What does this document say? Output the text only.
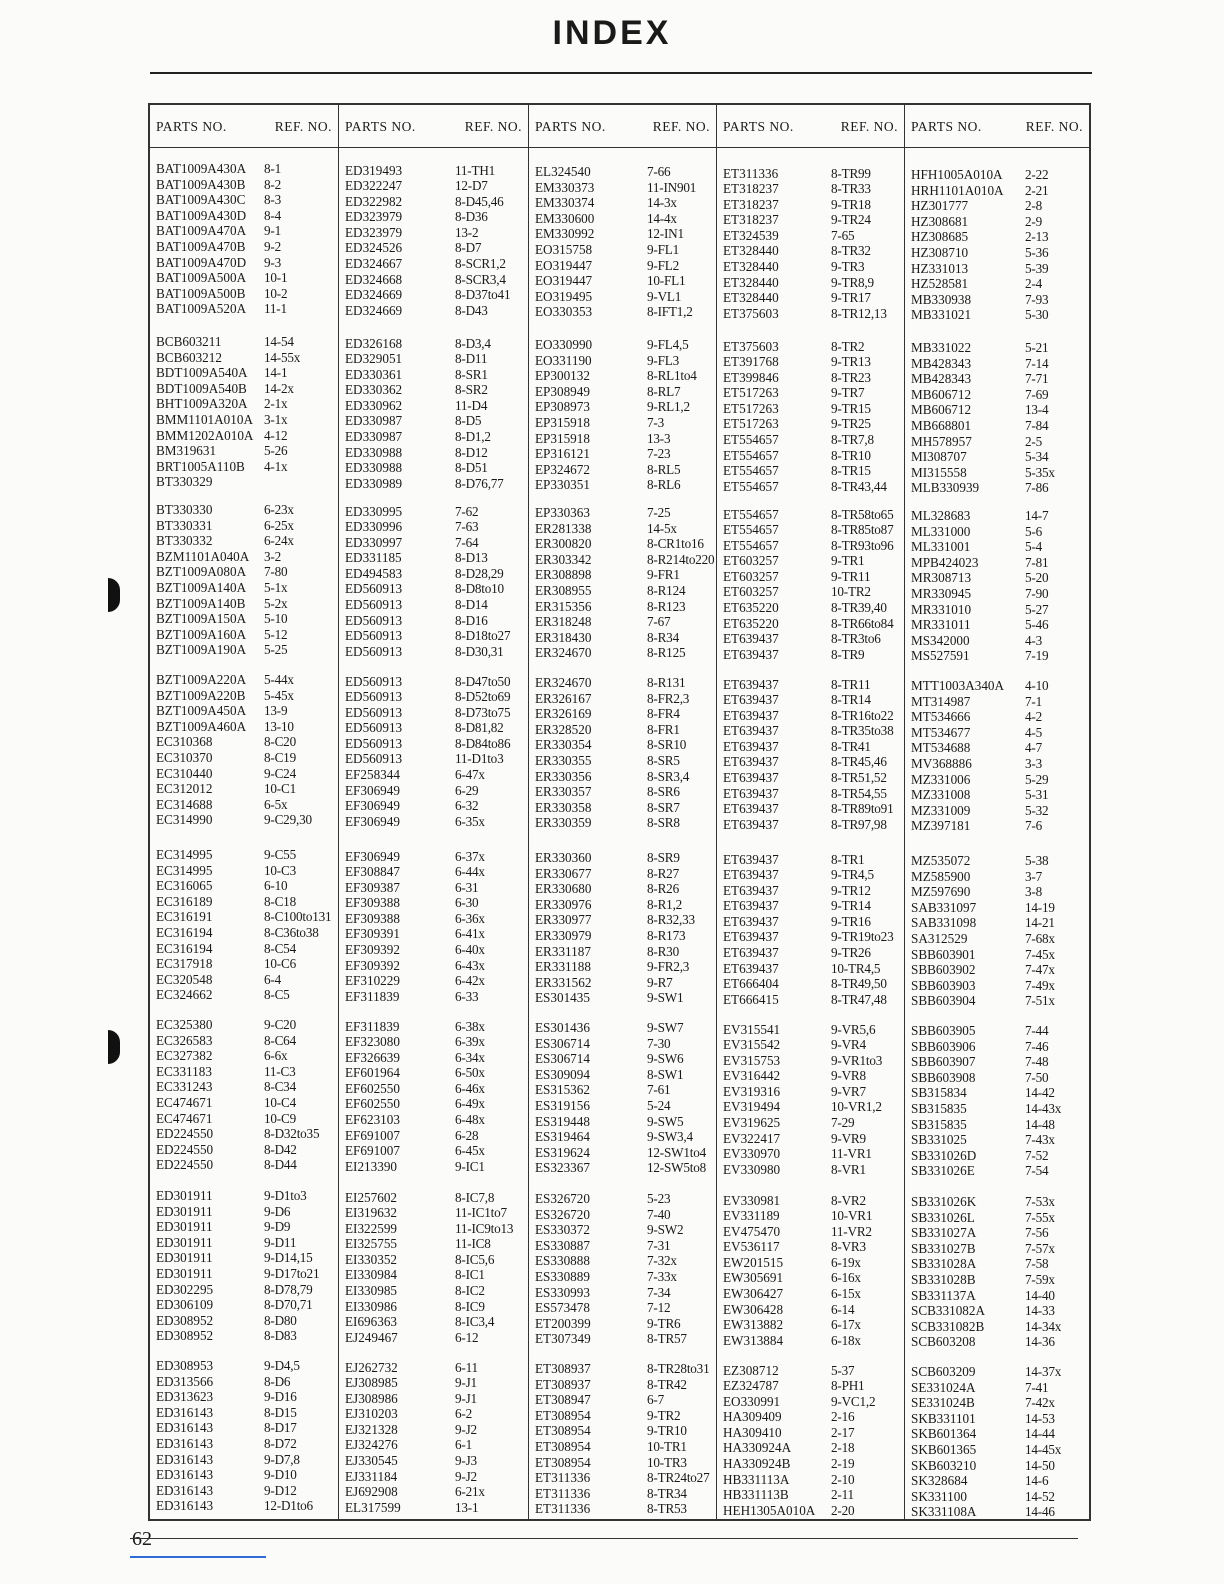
INDEX
PARTS NO.	REF. NO.
BAT1009A430A 8-1
BAT1009A430B 8-2
BAT1009A430C 8-3
BAT1009A430D 8-4
BAT1009A470A 9-1
BAT1009A470B 9-2
BAT1009A470D 9-3
BAT1009A500A 10-1
BAT1009A500B 10-2
BAT1009A520A 11-1
BCB603211	14-54
BCB603212	14-55x
BDT1009A540A 14-1
BDT1009A540B 14-2x
BHT1009A320A 2-1x
BMM1101A010A 3-1x
BMM1202A010A 4-12
BM319631	5-26
BRT1005A110B 4-1x
BT330329
BT330330	6-23x
BT330331	6-25x
BT330332	6-24x
BZM1101A040A 3-2
BZT1009A080A 7-80
BZT1009A140A 5-1x
BZT1009A140B 5-2x
BZT1009A150A 5-10
BZT1009A160A 5-12
BZT1009A190A 5-25
BZT1009A220A 5-44x
BZT1009A220B 5-45x
BZT1009A450A 13-9
BZT1009A460A 13-10
EC310368	8-C20
EC310370	8-C19
EC310440	9-C24
EC312012	10-C1
EC314688	6-5x
EC314990	9-C29,30
EC314995	9-C55
EC314995	10-C3
EC316065	6-10
EC316189	8-C18
EC316191	8-C100to131
EC316194	8-C36to38
EC316194	8-C54
EC317918	10-C6
EC320548	6-4
EC324662	8-C5
EC325380	9-C20
EC326583	8-C64
EC327382	6-6x
EC331183	11-C3
EC331243	8-C34
EC474671	10-C4
EC474671	10-C9
ED224550	8-D32to35
ED224550	8-D42
ED224550	8-D44
ED301911	9-D1to3
ED301911	9-D6
ED301911	9-D9
ED301911	9-D11
ED301911	9-D14,15
ED301911	9-D17to21
ED302295	8-D78,79
ED306109	8-D70,71
ED308952	8-D80
ED308952	8-D83
ED308953	9-D4,5
ED313566	8-D6
ED313623	9-D16
ED316143	8-D15
ED316143	8-D17
ED316143	8-D72
ED316143	9-D7,8
ED316143	9-D10
ED316143	9-D12
ED316143	12-D1to6
PARTS NO.	REF. NO.
ED319493	11-TH1
ED322247	12-D7
ED322982	8-D45,46
ED323979	8-D36
ED323979	13-2
ED324526	8-D7
ED324667	8-SCR1,2
ED324668	8-SCR3,4
ED324669	8-D37to41
ED324669	8-D43
ED326168	8-D3,4
ED329051	8-D11
ED330361	8-SR1
ED330362	8-SR2
ED330962	11-D4
ED330987	8-D5
ED330987	8-D1,2
ED330988	8-D12
ED330988	8-D51
ED330989	8-D76,77
ED330995	7-62
ED330996	7-63
ED330997	7-64
ED331185	8-D13
ED494583	8-D28,29
ED560913	8-D8to10
ED560913	8-D14
ED560913	8-D16
ED560913	8-D18to27
ED560913	8-D30,31
ED560913	8-D47to50
ED560913	8-D52to69
ED560913	8-D73to75
ED560913	8-D81,82
ED560913	8-D84to86
ED560913	11-D1to3
EF258344	6-47x
EF306949	6-29
EF306949	6-32
EF306949	6-35x
EF306949	6-37x
EF308847	6-44x
EF309387	6-31
EF309388	6-30
EF309388	6-36x
EF309391	6-41x
EF309392	6-40x
EF309392	6-43x
EF310229	6-42x
EF311839	6-33
EF311839	6-38x
EF323080	6-39x
EF326639	6-34x
EF601964	6-50x
EF602550	6-46x
EF602550	6-49x
EF623103	6-48x
EF691007	6-28
EF691007	6-45x
EI213390	9-IC1
EI257602	8-IC7,8
EI319632	11-IC1to7
EI322599	11-IC9to13
EI325755	11-IC8
EI330352	8-IC5,6
EI330984	8-IC1
EI330985	8-IC2
EI330986	8-IC9
EI696363	8-IC3,4
EJ249467	6-12
EJ262732	6-11
EJ308985	9-J1
EJ308986	9-J1
EJ310203	6-2
EJ321328	9-J2
EJ324276	6-1
EJ330545	9-J3
EJ331184	9-J2
EJ692908	6-21x
EL317599	13-1
PARTS NO.	REF. NO.
EL324540	7-66
EM330373	11-IN901
EM330374	14-3x
EM330600	14-4x
EM330992	12-IN1
EO315758	9-FL1
EO319447	9-FL2
EO319447	10-FL1
EO319495	9-VL1
EO330353	8-IFT1,2
EO330990	9-FL4,5
EO331190	9-FL3
EP300132	8-RL1to4
EP308949	8-RL7
EP308973	9-RL1,2
EP315918	7-3
EP315918	13-3
EP316121	7-23
EP324672	8-RL5
EP330351	8-RL6
EP330363	7-25
ER281338	14-5x
ER300820	8-CR1to16
ER303342	8-R214to220
ER308898	9-FR1
ER308955	8-R124
ER315356	8-R123
ER318248	7-67
ER318430	8-R34
ER324670	8-R125
ER324670	8-R131
ER326167	8-FR2,3
ER326169	8-FR4
ER328520	8-FR1
ER330354	8-SR10
ER330355	8-SR5
ER330356	8-SR3,4
ER330357	8-SR6
ER330358	8-SR7
ER330359	8-SR8
ER330360	8-SR9
ER330677	8-R27
ER330680	8-R26
ER330976	8-R1,2
ER330977	8-R32,33
ER330979	8-R173
ER331187	8-R30
ER331188	9-FR2,3
ER331562	9-R7
ES301435	9-SW1
ES301436	9-SW7
ES306714	7-30
ES306714	9-SW6
ES309094	8-SW1
ES315362	7-61
ES319156	5-24
ES319448	9-SW5
ES319464	9-SW3,4
ES319624	12-SW1to4
ES323367	12-SW5to8
ES326720	5-23
ES326720	7-40
ES330372	9-SW2
ES330887	7-31
ES330888	7-32x
ES330889	7-33x
ES330993	7-34
ES573478	7-12
ET200399	9-TR6
ET307349	8-TR57
ET308937	8-TR28to31
ET308937	8-TR42
ET308947	6-7
ET308954	9-TR2
ET308954	9-TR10
ET308954	10-TR1
ET308954	10-TR3
ET311336	8-TR24to27
ET311336	8-TR34
ET311336	8-TR53
PARTS NO.	REF. NO.
ET311336	8-TR99
ET318237	8-TR33
ET318237	9-TR18
ET318237	9-TR24
ET324539	7-65
ET328440	8-TR32
ET328440	9-TR3
ET328440	9-TR8,9
ET328440	9-TR17
ET375603	8-TR12,13
ET375603	8-TR2
ET391768	9-TR13
ET399846	8-TR23
ET517263	9-TR7
ET517263	9-TR15
ET517263	9-TR25
ET554657	8-TR7,8
ET554657	8-TR10
ET554657	8-TR15
ET554657	8-TR43,44
ET554657	8-TR58to65
ET554657	8-TR85to87
ET554657	8-TR93to96
ET603257	9-TR1
ET603257	9-TR11
ET603257	10-TR2
ET635220	8-TR39,40
ET635220	8-TR66to84
ET639437	8-TR3to6
ET639437	8-TR9
ET639437	8-TR11
ET639437	8-TR14
ET639437	8-TR16to22
ET639437	8-TR35to38
ET639437	8-TR41
ET639437	8-TR45,46
ET639437	8-TR51,52
ET639437	8-TR54,55
ET639437	8-TR89to91
ET639437	8-TR97,98
ET639437	8-TR1
ET639437	9-TR4,5
ET639437	9-TR12
ET639437	9-TR14
ET639437	9-TR16
ET639437	9-TR19to23
ET639437	9-TR26
ET639437	10-TR4,5
ET666404	8-TR49,50
ET666415	8-TR47,48
EV315541	9-VR5,6
EV315542	9-VR4
EV315753	9-VR1to3
EV316442	9-VR8
EV319316	9-VR7
EV319494	10-VR1,2
EV319625	7-29
EV322417	9-VR9
EV330970	11-VR1
EV330980	8-VR1
EV330981	8-VR2
EV331189	10-VR1
EV475470	11-VR2
EV536117	8-VR3
EW201515	6-19x
EW305691	6-16x
EW306427	6-15x
EW306428	6-14
EW313882	6-17x
EW313884	6-18x
EZ308712	5-37
EZ324787	8-PH1
EO330991	9-VC1,2
HA309409	2-16
HA309410	2-17
HA330924A	2-18
HA330924B	2-19
HB331113A	2-10
HB331113B	2-11
HEH1305A010A 2-20
PARTS NO.	REF. NO.
HFH1005A010A 2-22
HRH1101A010A 2-21
HZ301777	2-8
HZ308681	2-9
HZ308685	2-13
HZ308710	5-36
HZ331013	5-39
HZ528581	2-4
MB330938	7-93
MB331021	5-30
MB331022	5-21
MB428343	7-14
MB428343	7-71
MB606712	7-69
MB606712	13-4
MB668801	7-84
MH578957	2-5
MI308707	5-34
MI315558	5-35x
MLB330939	7-86
ML328683	14-7
ML331000	5-6
ML331001	5-4
MPB424023	7-81
MR308713	5-20
MR330945	7-90
MR331010	5-27
MR331011	5-46
MS342000	4-3
MS527591	7-19
MTT1003A340A 4-10
MT314987	7-1
MT534666	4-2
MT534677	4-5
MT534688	4-7
MV368886	3-3
MZ331006	5-29
MZ331008	5-31
MZ331009	5-32
MZ397181	7-6
MZ535072	5-38
MZ585900	3-7
MZ597690	3-8
SAB331097	14-19
SAB331098	14-21
SA312529	7-68x
SBB603901	7-45x
SBB603902	7-47x
SBB603903	7-49x
SBB603904	7-51x
SBB603905	7-44
SBB603906	7-46
SBB603907	7-48
SBB603908	7-50
SB315834	14-42
SB315835	14-43x
SB315835	14-48
SB331025	7-43x
SB331026D	7-52
SB331026E	7-54
SB331026K	7-53x
SB331026L	7-55x
SB331027A	7-56
SB331027B	7-57x
SB331028A	7-58
SB331028B	7-59x
SB331137A	14-40
SCB331082A	14-33
SCB331082B	14-34x
SCB603208	14-36
SCB603209	14-37x
SE331024A	7-41
SE331024B	7-42x
SKB331101	14-53
SKB601364	14-44
SKB601365	14-45x
SKB603210	14-50
SK328684	14-6
SK331100	14-52
SK331108A	14-46
62
